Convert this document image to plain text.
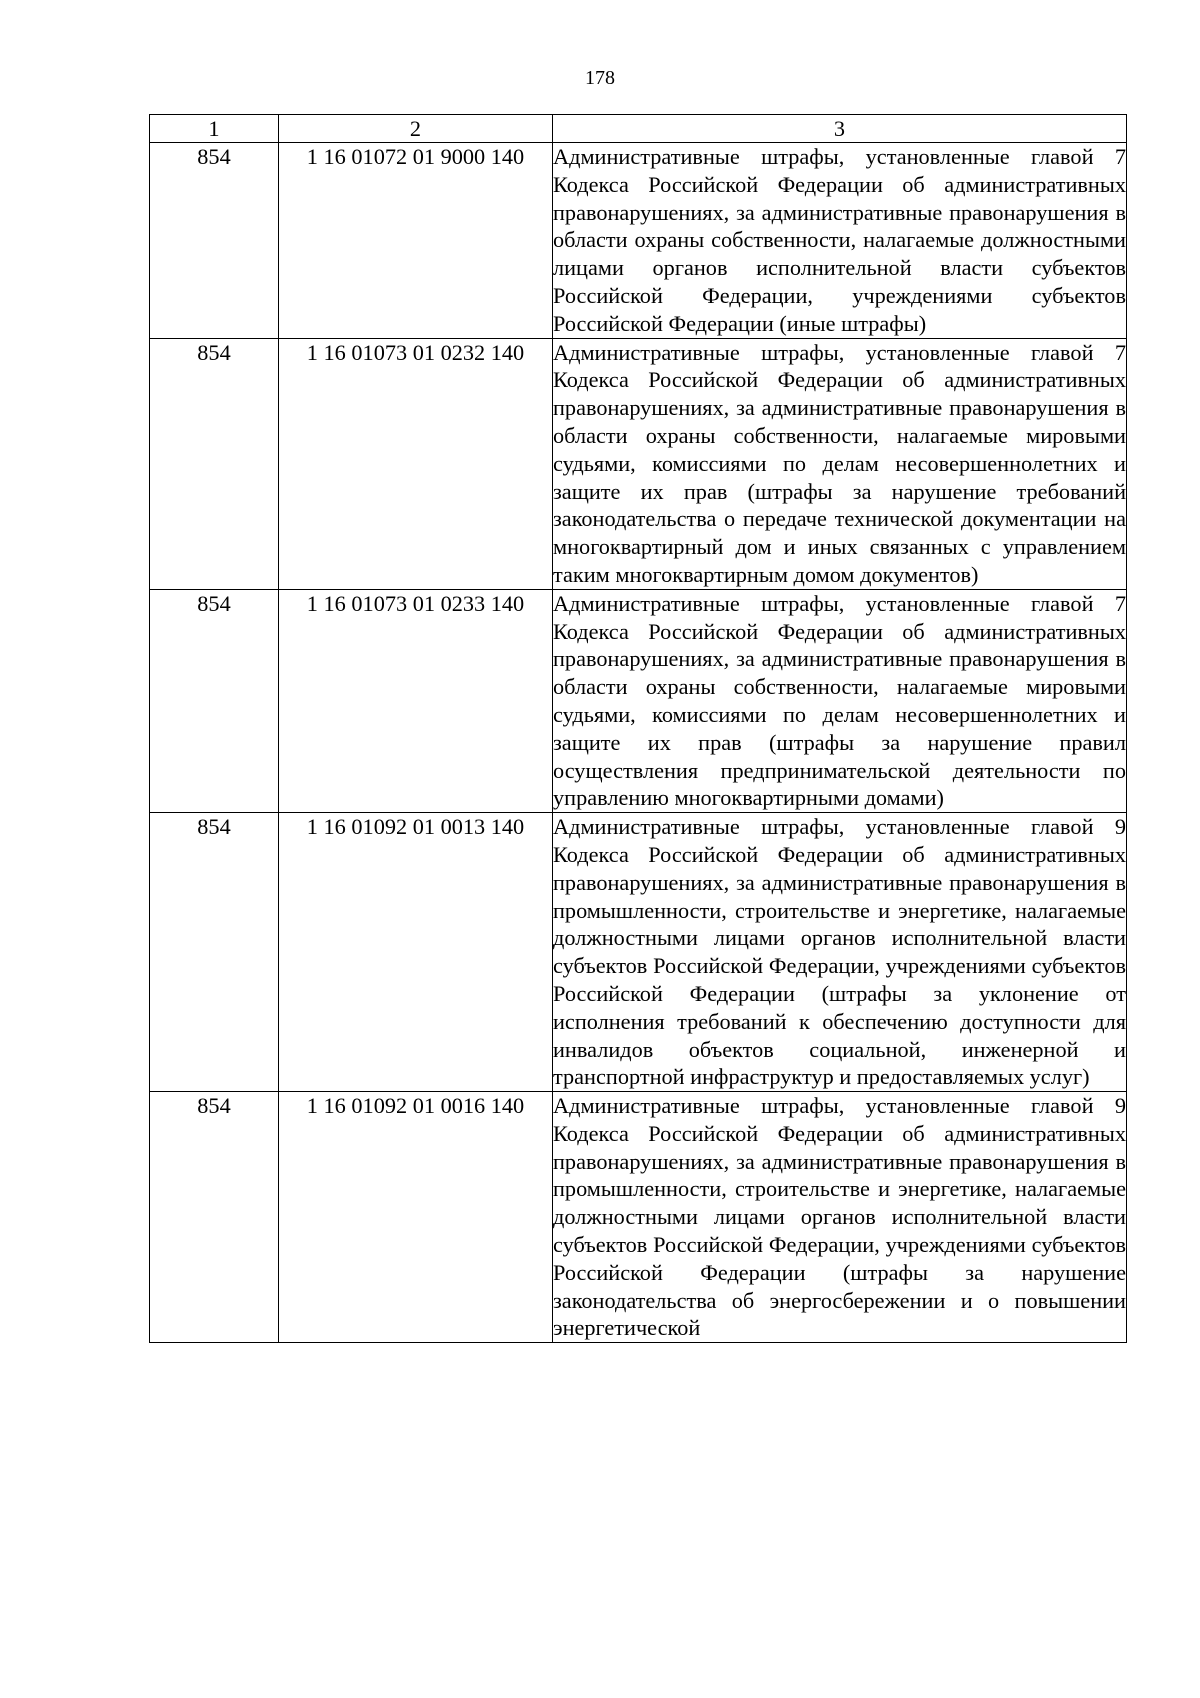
178
1	2	3
854	1 16 01072 01 9000 140	Административные штрафы, установленные главой 7 Кодекса Российской Федерации об административных правонарушениях, за административные правонарушения в области охраны собственности, налагаемые должностными лицами органов исполнительной власти субъектов Российской Федерации, учреждениями субъектов Российской Федерации (иные штрафы)
854	1 16 01073 01 0232 140	Административные штрафы, установленные главой 7 Кодекса Российской Федерации об административных правонарушениях, за административные правонарушения в области охраны собственности, налагаемые мировыми судьями, комиссиями по делам несовершеннолетних и защите их прав (штрафы за нарушение требований законодательства о передаче технической документации на многоквартирный дом и иных связанных с управлением таким многоквартирным домом документов)
854	1 16 01073 01 0233 140	Административные штрафы, установленные главой 7 Кодекса Российской Федерации об административных правонарушениях, за административные правонарушения в области охраны собственности, налагаемые мировыми судьями, комиссиями по делам несовершеннолетних и защите их прав (штрафы за нарушение правил осуществления предпринимательской деятельности по управлению многоквартирными домами)
854	1 16 01092 01 0013 140	Административные штрафы, установленные главой 9 Кодекса Российской Федерации об административных правонарушениях, за административные правонарушения в промышленности, строительстве и энергетике, налагаемые должностными лицами органов исполнительной власти субъектов Российской Федерации, учреждениями субъектов Российской Федерации (штрафы за уклонение от исполнения требований к обеспечению доступности для инвалидов объектов социальной, инженерной и транспортной инфраструктур и предоставляемых услуг)
854	1 16 01092 01 0016 140	Административные штрафы, установленные главой 9 Кодекса Российской Федерации об административных правонарушениях, за административные правонарушения в промышленности, строительстве и энергетике, налагаемые должностными лицами органов исполнительной власти субъектов Российской Федерации, учреждениями субъектов Российской Федерации (штрафы за нарушение законодательства об энергосбережении и о повышении энергетической
